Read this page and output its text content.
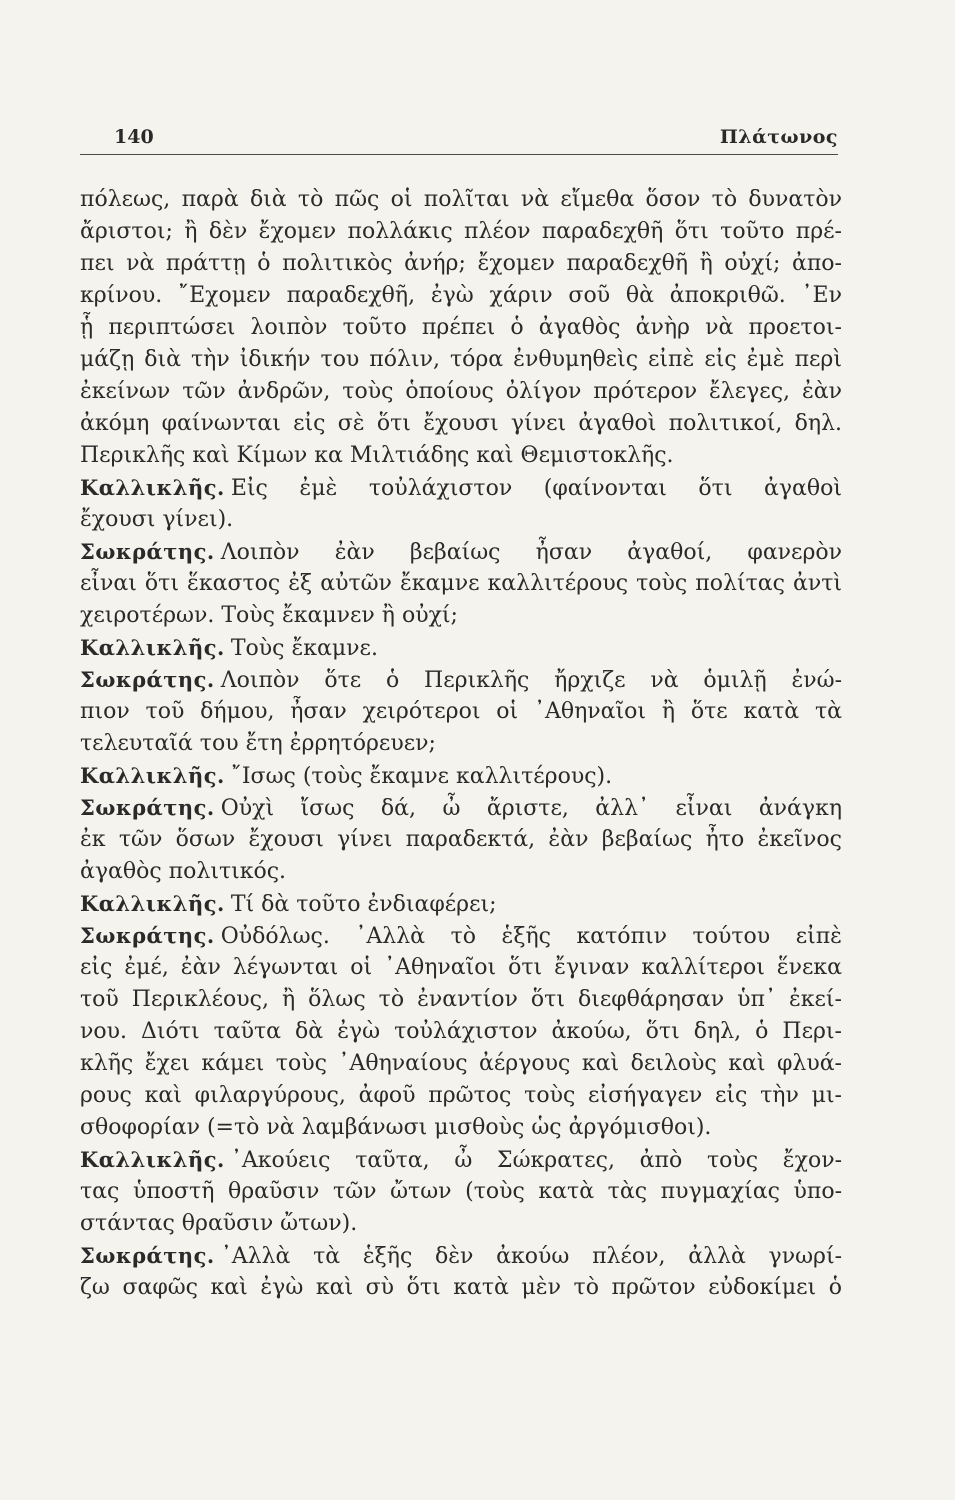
140	Πλάτωνος
πόλεως, παρὰ διὰ τὸ πῶς οἱ πολῖται νὰ εἴμεθα ὅσον τὸ δυνατὸν
ἄριστοι; ἢ δὲν ἔχομεν πολλάκις πλέον παραδεχθῆ ὅτι τοῦτο πρέ-
πει νὰ πράττῃ ὁ πολιτικὸς ἀνήρ; ἔχομεν παραδεχθῆ ἢ οὐχί; ἀπο-
κρίνου. ῎Εχομεν παραδεχθῆ, ἐγὼ χάριν σοῦ θὰ ἀποκριθῶ. ᾽Εν
ᾗ περιπτώσει λοιπὸν τοῦτο πρέπει ὁ ἀγαθὸς ἀνὴρ νὰ προετοι-
μάζῃ διὰ τὴν ἰδικήν του πόλιν, τόρα ἐνθυμηθεὶς εἰπὲ εἰς ἐμὲ περὶ
ἐκείνων τῶν ἀνδρῶν, τοὺς ὁποίους ὀλίγον πρότερον ἔλεγες, ἐὰν
ἀκόμη φαίνωνται εἰς σὲ ὅτι ἔχουσι γίνει ἀγαθοὶ πολιτικοί, δηλ.
Περικλῆς καὶ Κίμων κα Μιλτιάδης καὶ Θεμιστοκλῆς.
Καλλικλῆς. Εἰς ἐμὲ τοὐλάχιστον (φαίνονται ὅτι ἀγαθοὶ
ἔχουσι γίνει).
Σωκράτης. Λοιπὸν ἐὰν βεβαίως ἦσαν ἀγαθοί, φανερὸν
εἶναι ὅτι ἕκαστος ἐξ αὐτῶν ἔκαμνε καλλιτέρους τοὺς πολίτας ἀντὶ
χειροτέρων. Τοὺς ἔκαμνεν ἢ οὐχί;
Καλλικλῆς. Τοὺς ἔκαμνε.
Σωκράτης. Λοιπὸν ὅτε ὁ Περικλῆς ἤρχιζε νὰ ὁμιλῇ ἐνώ-
πιον τοῦ δήμου, ἦσαν χειρότεροι οἱ ᾽Αθηναῖοι ἢ ὅτε κατὰ τὰ
τελευταῖά του ἔτη ἐρρητόρευεν;
Καλλικλῆς. ῎Ισως (τοὺς ἔκαμνε καλλιτέρους).
Σωκράτης. Οὐχὶ ἴσως δά, ὦ ἄριστε, ἀλλ᾽ εἶναι ἀνάγκη
ἐκ τῶν ὅσων ἔχουσι γίνει παραδεκτά, ἐὰν βεβαίως ἦτο ἐκεῖνος
ἀγαθὸς πολιτικός.
Καλλικλῆς. Τί δὰ τοῦτο ἐνδιαφέρει;
Σωκράτης. Οὐδόλως. ᾽Αλλὰ τὸ ἑξῆς κατόπιν τούτου εἰπὲ
εἰς ἐμέ, ἐὰν λέγωνται οἱ ᾽Αθηναῖοι ὅτι ἔγιναν καλλίτεροι ἕνεκα
τοῦ Περικλέους, ἢ ὅλως τὸ ἐναντίον ὅτι διεφθάρησαν ὑπ᾽ ἐκεί-
νου. Διότι ταῦτα δὰ ἐγὼ τοὐλάχιστον ἀκούω, ὅτι δηλ, ὁ Περι-
κλῆς ἔχει κάμει τοὺς ᾽Αθηναίους ἀέργους καὶ δειλοὺς καὶ φλυά-
ρους καὶ φιλαργύρους, ἀφοῦ πρῶτος τοὺς εἰσήγαγεν εἰς τὴν μι-
σθοφορίαν (=τὸ νὰ λαμβάνωσι μισθοὺς ὡς ἀργόμισθοι).
Καλλικλῆς. ᾽Ακούεις ταῦτα, ὦ Σώκρατες, ἀπὸ τοὺς ἔχον-
τας ὑποστῆ θραῦσιν τῶν ὤτων (τοὺς κατὰ τὰς πυγμαχίας ὑπο-
στάντας θραῦσιν ὤτων).
Σωκράτης. ᾽Αλλὰ τὰ ἑξῆς δὲν ἀκούω πλέον, ἀλλὰ γνωρί-
ζω σαφῶς καὶ ἐγὼ καὶ σὺ ὅτι κατὰ μὲν τὸ πρῶτον εὐδοκίμει ὁ
